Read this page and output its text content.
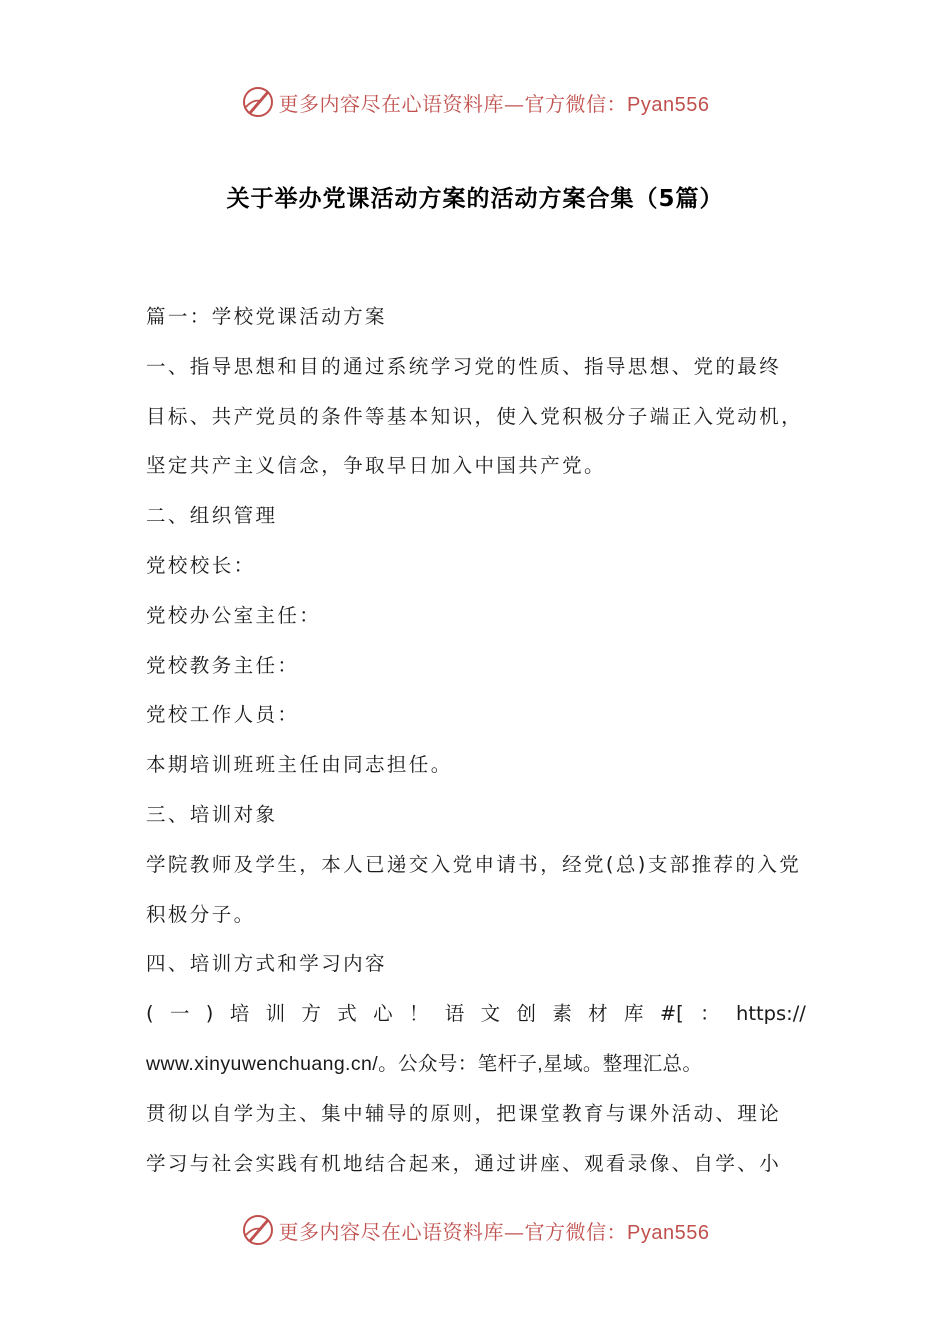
更多内容尽在心语资料库—官方微信：Pyan556
关于举办党课活动方案的活动方案合集（5篇）
篇一：学校党课活动方案
一、指导思想和目的通过系统学习党的性质、指导思想、党的最终
目标、共产党员的条件等基本知识，使入党积极分子端正入党动机，
坚定共产主义信念，争取早日加入中国共产党。
二、组织管理
党校校长：
党校办公室主任：
党校教务主任：
党校工作人员：
本期培训班班主任由同志担任。
三、培训对象
学院教师及学生，本人已递交入党申请书，经党(总)支部推荐的入党
积极分子。
四、培训方式和学习内容
( 一 ) 培 训 方 式 心 ！ 语 文 创 素 材 库 #[ ： https://
www.xinyuwenchuang.cn/。公众号：笔杆子,星域。整理汇总。
贯彻以自学为主、集中辅导的原则，把课堂教育与课外活动、理论
学习与社会实践有机地结合起来，通过讲座、观看录像、自学、小
更多内容尽在心语资料库—官方微信：Pyan556
